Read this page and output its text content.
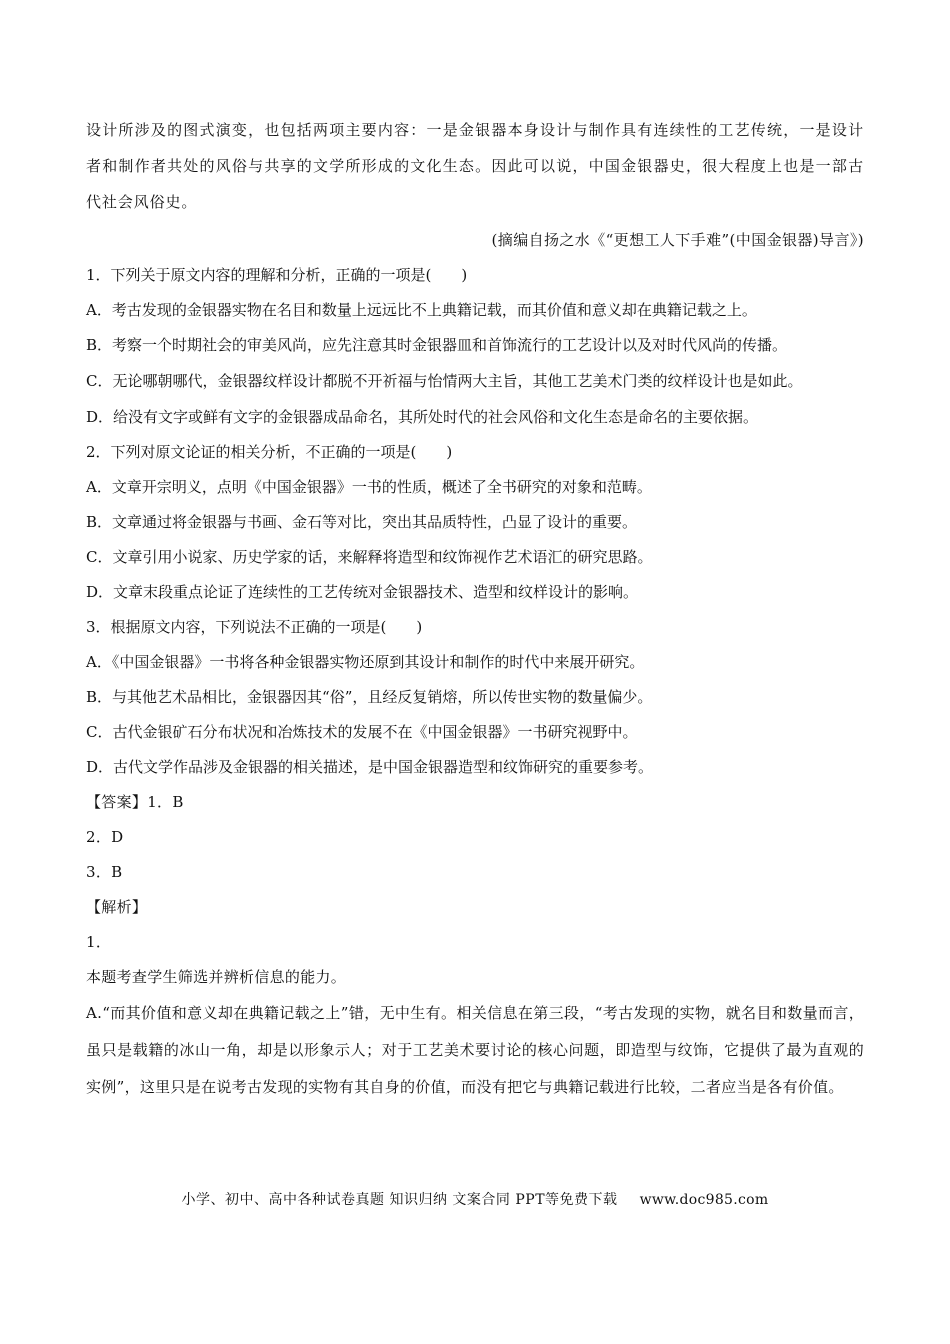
设计所涉及的图式演变，也包括两项主要内容：一是金银器本身设计与制作具有连续性的工艺传统，一是设计者和制作者共处的风俗与共享的文学所形成的文化生态。因此可以说，中国金银器史，很大程度上也是一部古代社会风俗史。

(摘编自扬之水《“更想工人下手难”(中国金银器)导言》)
1．下列关于原文内容的理解和分析，正确的一项是(　　)
A．考古发现的金银器实物在名目和数量上远远比不上典籍记载，而其价值和意义却在典籍记载之上。
B．考察一个时期社会的审美风尚，应先注意其时金银器皿和首饰流行的工艺设计以及对时代风尚的传播。
C．无论哪朝哪代，金银器纹样设计都脱不开祈福与怡情两大主旨，其他工艺美术门类的纹样设计也是如此。
D．给没有文字或鲜有文字的金银器成品命名，其所处时代的社会风俗和文化生态是命名的主要依据。
2．下列对原文论证的相关分析，不正确的一项是(　　)
A．文章开宗明义，点明《中国金银器》一书的性质，概述了全书研究的对象和范畴。
B．文章通过将金银器与书画、金石等对比，突出其品质特性，凸显了设计的重要。
C．文章引用小说家、历史学家的话，来解释将造型和纹饰视作艺术语汇的研究思路。
D．文章末段重点论证了连续性的工艺传统对金银器技术、造型和纹样设计的影响。
3．根据原文内容，下列说法不正确的一项是(　　)
A．《中国金银器》一书将各种金银器实物还原到其设计和制作的时代中来展开研究。
B．与其他艺术品相比，金银器因其“俗”，且经反复销熔，所以传世实物的数量偏少。
C．古代金银矿石分布状况和冶炼技术的发展不在《中国金银器》一书研究视野中。
D．古代文学作品涉及金银器的相关描述，是中国金银器造型和纹饰研究的重要参考。
【答案】1．B
2．D
3．B
【解析】
1．
本题考查学生筛选并辨析信息的能力。

A.“而其价值和意义却在典籍记载之上”错，无中生有。相关信息在第三段，“考古发现的实物，就名目和数量而言，虽只是载籍的冰山一角，却是以形象示人；对于工艺美术要讨论的核心问题，即造型与纹饰，它提供了最为直观的实例”，这里只是在说考古发现的实物有其自身的价值，而没有把它与典籍记载进行比较，二者应当是各有价值。

小学、初中、高中各种试卷真题 知识归纳 文案合同 PPT等免费下载 www.doc985.com
